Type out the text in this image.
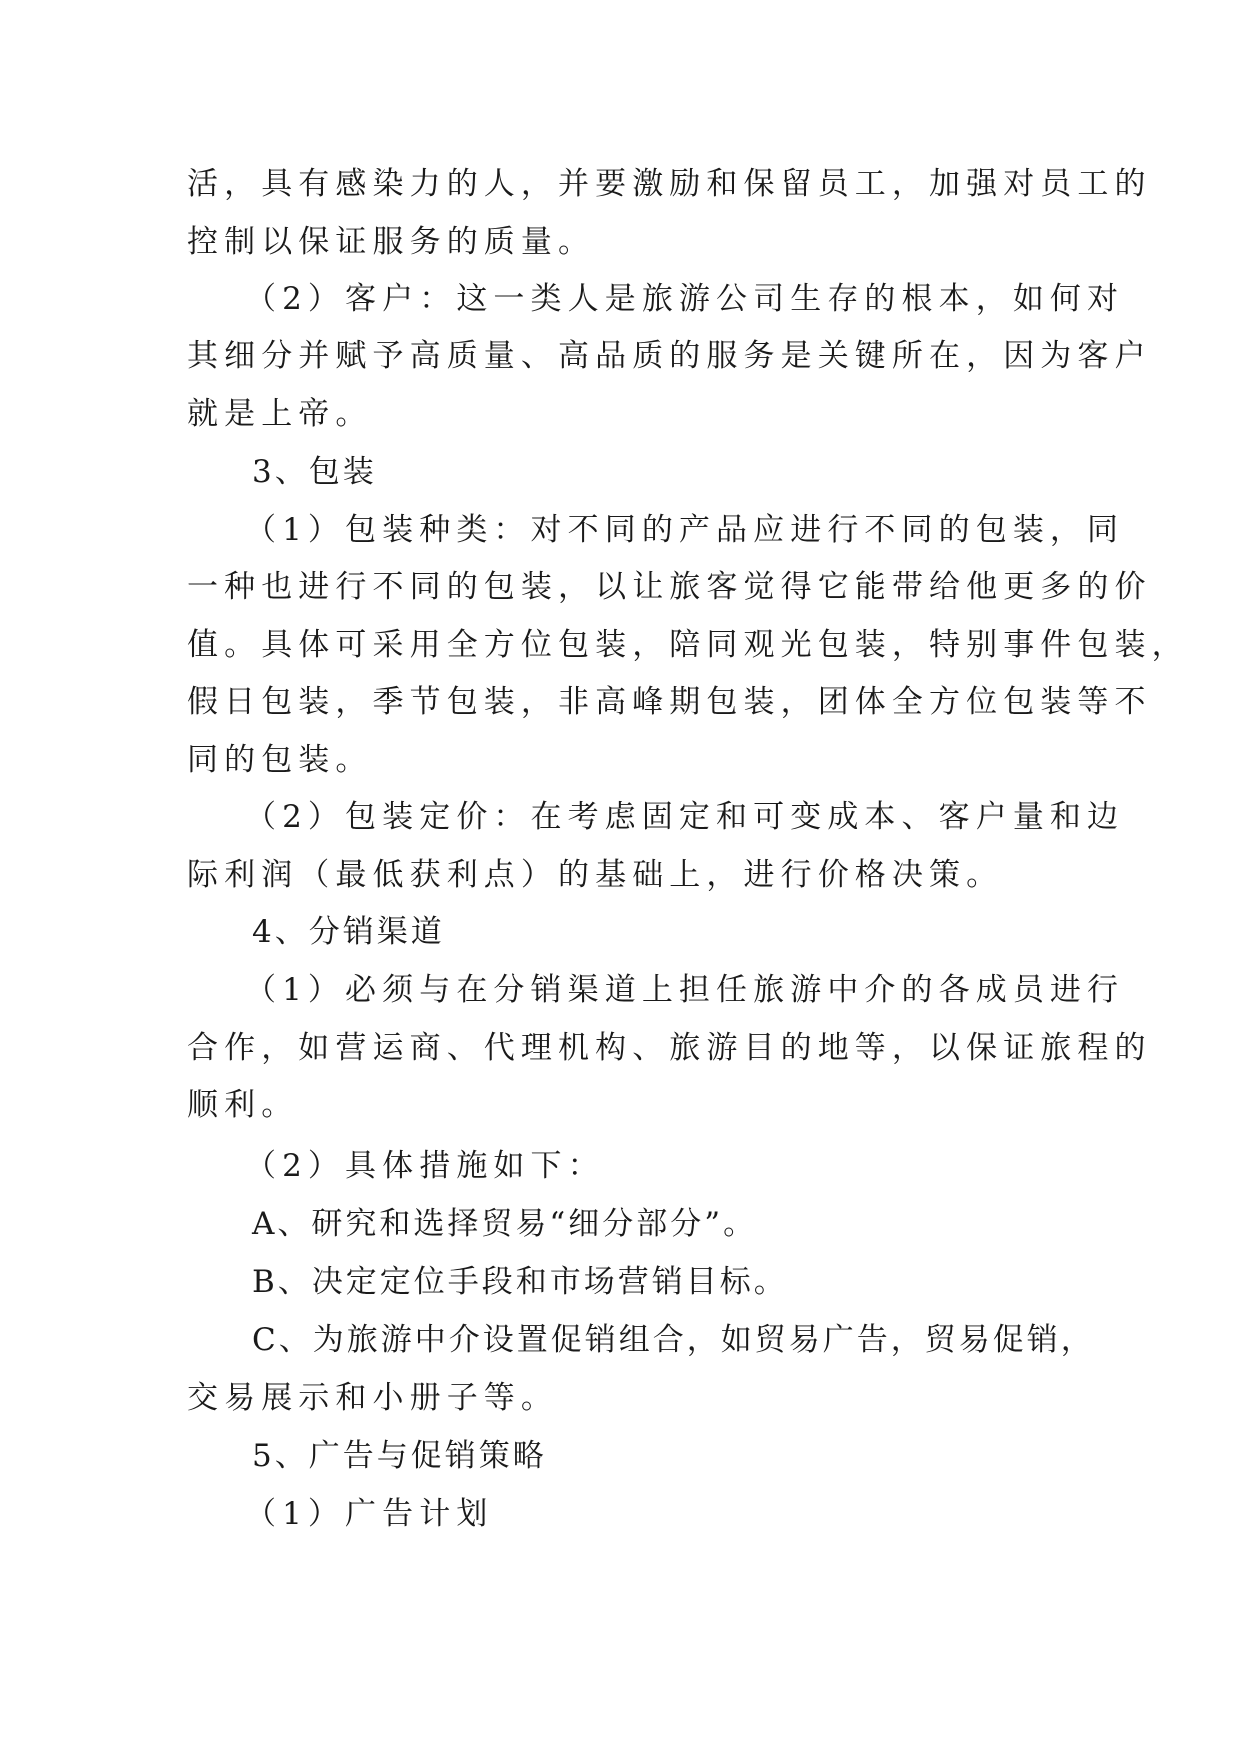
活，具有感染力的人，并要激励和保留员工，加强对员工的
控制以保证服务的质量。
（2）客户：这一类人是旅游公司生存的根本，如何对
其细分并赋予高质量、高品质的服务是关键所在，因为客户
就是上帝。
3、包装
（1）包装种类：对不同的产品应进行不同的包装，同
一种也进行不同的包装，以让旅客觉得它能带给他更多的价
值。具体可采用全方位包装，陪同观光包装，特别事件包装，
假日包装，季节包装，非高峰期包装，团体全方位包装等不
同的包装。
（2）包装定价：在考虑固定和可变成本、客户量和边
际利润（最低获利点）的基础上，进行价格决策。
4、分销渠道
（1）必须与在分销渠道上担任旅游中介的各成员进行
合作，如营运商、代理机构、旅游目的地等，以保证旅程的
顺利。
（2）具体措施如下：
A、研究和选择贸易“细分部分”。
B、决定定位手段和市场营销目标。
C、为旅游中介设置促销组合，如贸易广告，贸易促销，
交易展示和小册子等。
5、广告与促销策略
（1）广告计划
